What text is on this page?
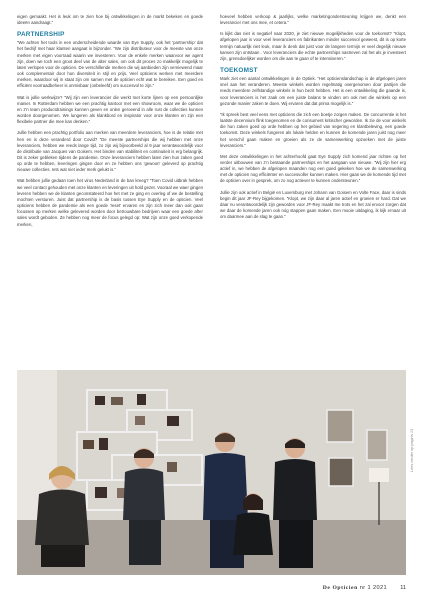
eigen gemaakt. Het is leuk om te zien hoe bij ontwikkelingen in de markt bekeken en goede ideeën aandraagt.”

PARTNERSHIP

“We achten het tools in een onderscheidende waarde van Eye Supply, ook het ‘partnership’ dat het bedrijf met haar klanten aangaat is bijzonder. “We zijn distributeur voor de meeste van onze merken met eigen voorraad waarin we investeren. Voor de enkele merken waarvoor we agent zijn, doen we toch een groot deel van de alter sales, om ook dit proces zo makkelijk mogelijk te laten verlopen voor de opticien. De verschillende merken die wij aanbieden zijn verniewend maar ook complementair door hun diversiteit in stijl en prijs. Veel opticiens werken met meerdere merken, waardoor wij in staat zijn om samen met de opticien echt wat te bereiken. Een goed en efficiënt voorraadbeheer is onmisbaar (onbeleefd) om succesvol te zijn.”

Wat is jullie werkwijze? “Wij zijn een leverancier die werkt met korte lijnen op een persoonlijke manier. In Rotterdam hebben we een prachtig kantoor met een showroom, waar we de opticien en z'n team productdrainings kunnen geven en onlen geroeend in alle rust de collecties kunnen worden doorgenomen. We lungeren als klankbord en inspirator voor onze klanten en zijn een flexibele partner die mee kan denken.”

Jullie hebben een prachtig portfolio aan merken van meerdere leveranciers, hoe is de relatie met hen en is deze veranderd door Covid? “De meeste partnerships die wij hebben met onze leveranciers, hebben we reeds lange tijd, zo zijn wij bijvoorbeeld al 9 jaar verantwoordelijk voor de distributie van Jacques van Goisem. Het binden van stabiliteit en continuiteit is erg belangrijk. Dit is zeker gebleken tijdens de pandemie. Onze leveranciers hebben laten zien hun zaken goed op orde te hebben, leveringen gingen door en ze hebben ons 'gewoon' geleverd op prachtig nieuwe collecties. Iets wat niet ieder merk gelukt is.”

Wat hebben jullie gedaan toen het virus Nederland in de ban kreeg? “Toen Covid uitbrak hebben we veel contact gehouden met onze klanten en leveringen uit hold gezet. Vooraal we waer gingen leveren hebben we de klanten geconstateerd hoe het met ze ging en overleg of we de bestelling mochten versturen. Juist dat partnership is de basis tussen Eye Supply en de opticien. Veel opticiens hebben de pandemie als een goede 'reset' ervaren en zijn zich meer dan ooit gaan focussen op merken welke gelevered worden door betrouwbare bedrijven waar een goede after sales wordt geboden. Ze hebben nog meer de focus gelegd op: Wat zijn onze goed verkopende merken,

hoeveel hebben verkoop & jaarlijks, welke marketingondersteuning krijgen we, denkt een leverancier met ons mee, et cetera.”

Is kijkt das niet is negatief naar 2020, je ziet nieuwe mogelijkheden voor de toekomst? “Klopt, afgelopen jaar is voor veel leveranciers en fabrikanten minder succesvol geweest, dit is op korte termijn natuurlijk niet leuk, maar ik denk dat juist voor de langere termijn er veel degelijk nieuwe kansen zijn ontstaan . Voor leveranciers die echte partnerships nastreven zal het als je investeert zijn, grensdoelijker worden om die aan te gaan of te intensiveren.”

TOEKOMST

Mark ziet een aantal ontwikkelingen in de Optiek. “Het opticienslandschap is de afgelopen jaren snel aan het veranderen. Meeste winkels worden regelmatig overgenomen door partijen die reeds meerdere zelfstandige winkels in hun bezit hebben. Het is een ontwikkeling die gaande is, voor leveranciers is het zaak om een juiste balans te vinden om ook met die winkels op een gezonde manier zaken te doen. Wij ervaren dat dat prima mogelijk is.”

“Ik spreek best veel eens met opticiens die zich een boetje zorgen maken. De concurrentie is het laatste decennium flink toegenomen en de consument kritischer geworden. Ik zie de voor winkels die hun zaken goed op orde hebben op het gebied van segering en klantbeleving, een goede toekomst. Deze winkels fungeren als lokale helden en kunnen de komende jaren juist nog meer het verschil gaan maken en groeien als ze de samenwerking opzoeken met de juiste leveranciers.”

Met deze ontwikkelingen in het achterhoofd gaat Eye Supply zich komend jaar richten op het verder uitbouwen van z'n bestaande partnerships en het aangaan van nieuwe. “Wij zijn hier erg actief in, we hebben de afgelopen maanden nog een goed gekeken hoe we de samenwerking met de opticien nog efficiënter en succesvoller kunnen maken. Hier gaan we de komende tijd met de opticien over in gesprek, om zo nog actiever te kunnen ondersteunen.”

Jullie zijn ook actief in België en Luxemburg met Johann van Goisem en Volte Face, daar is sinds begin dit jaar JF-Rey bijgekomen. “Klopt, we zijn daar al jaren actief en groeien er hard. Dat we daar nu verantwoordelijk zijn geworden voor JF-Rey maakt me trots en het zal ervoor zorgen dat we daar de komende jaren ook nóg stappen gaan maken. Een mooie uitdaging, ik kijk ernaar uit om daarmee aan de slag te gaan.”

Lees verder op pagina 13
De Opticien nr 1 2021 11
